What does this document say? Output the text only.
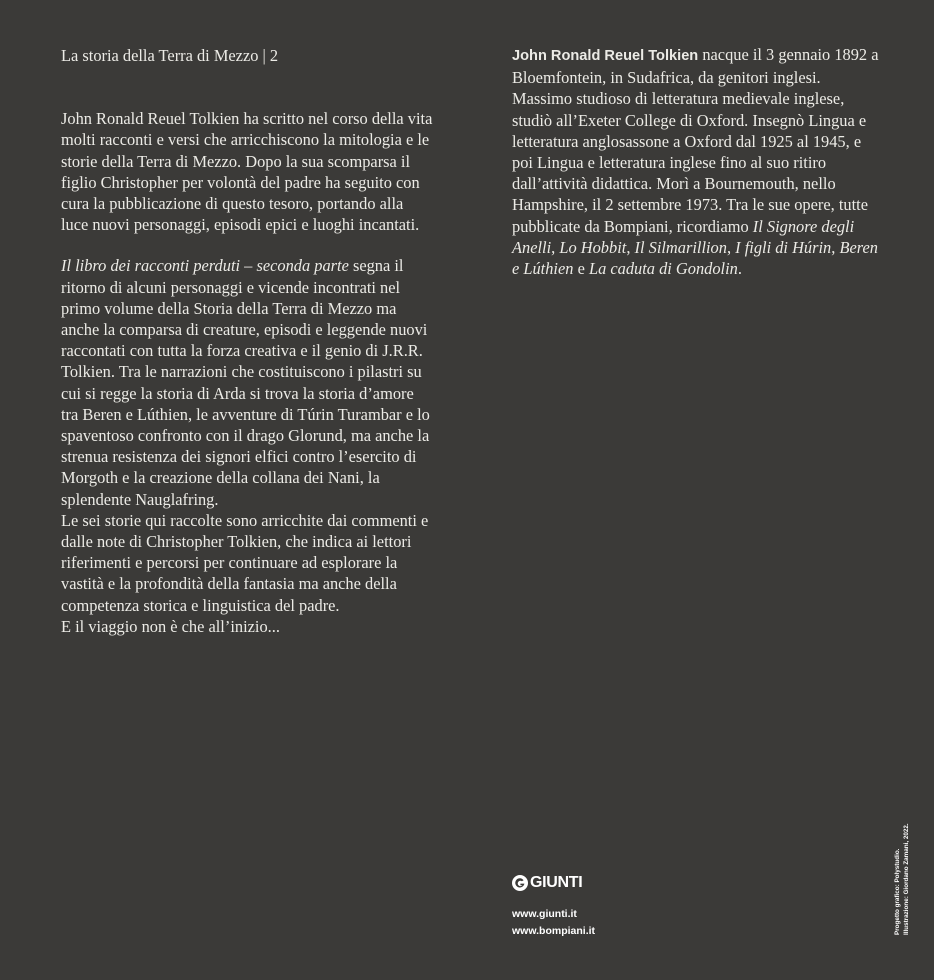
La storia della Terra di Mezzo | 2

John Ronald Reuel Tolkien ha scritto nel corso della vita molti racconti e versi che arricchiscono la mitologia e le storie della Terra di Mezzo. Dopo la sua scomparsa il figlio Christopher per volontà del padre ha seguito con cura la pubblicazione di questo tesoro, portando alla luce nuovi personaggi, episodi epici e luoghi incantati.

Il libro dei racconti perduti – seconda parte segna il ritorno di alcuni personaggi e vicende incontrati nel primo volume della Storia della Terra di Mezzo ma anche la comparsa di creature, episodi e leggende nuovi raccontati con tutta la forza creativa e il genio di J.R.R. Tolkien. Tra le narrazioni che costituiscono i pilastri su cui si regge la storia di Arda si trova la storia d’amore tra Beren e Lúthien, le avventure di Túrin Turambar e lo spaventoso confronto con il drago Glorund, ma anche la strenua resistenza dei signori elfici contro l’esercito di Morgoth e la creazione della collana dei Nani, la splendente Nauglafring.

Le sei storie qui raccolte sono arricchite dai commenti e dalle note di Christopher Tolkien, che indica ai lettori riferimenti e percorsi per continuare ad esplorare la vastità e la profondità della fantasia ma anche della competenza storica e linguistica del padre.

E il viaggio non è che all’inizio...

John Ronald Reuel Tolkien nacque il 3 gennaio 1892 a Bloemfontein, in Sudafrica, da genitori inglesi. Massimo studioso di letteratura medievale inglese, studiò all’Exeter College di Oxford. Insegnò Lingua e letteratura anglosassone a Oxford dal 1925 al 1945, e poi Lingua e letteratura inglese fino al suo ritiro dall’attività didattica. Morì a Bournemouth, nello Hampshire, il 2 settembre 1973. Tra le sue opere, tutte pubblicate da Bompiani, ricordiamo Il Signore degli Anelli, Lo Hobbit, Il Silmarillion, I figli di Húrin, Beren e Lúthien e La caduta di Gondolin.

GIUNTI
www.giunti.it
www.bompiani.it	Progetto grafico: Polystudio. Illustrazione: Giordano Zamani, 2022.
